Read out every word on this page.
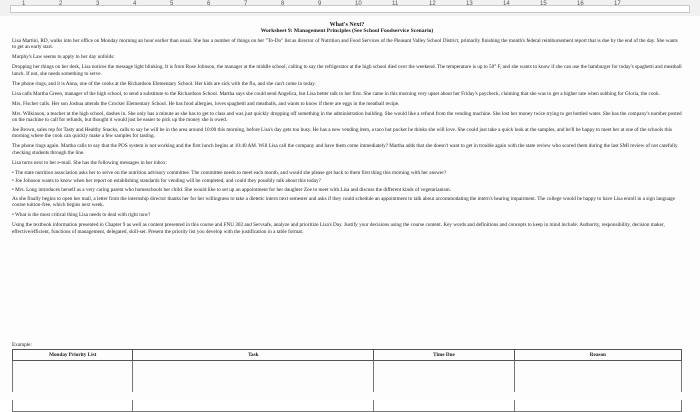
1	2	3	4	5	6	7	8	9	10	11	12	13	14	15	16	17

What's Next?

Worksheet 9: Management Principles (See School Foodservice Scenario)

Lisa Martini, RD, walks into her office on Monday morning an hour earlier than usual. She has a number of things on her "To-Do" list as director of Nutrition and Food Services of the Pleasant Valley School District, primarily finishing the month's federal reimbursement report that is due by the end of the day. She wants to get an early start.

Murphy's Law seems to apply to her day unfolds:

Dropping her things on her desk, Lisa notices the message light blinking. It is from Rose Johnson, the manager at the middle school, calling to say the refrigerator at the high school died over the weekend. The temperature is up to 50° F, and she wants to know if she can use the hamburger for today's spaghetti and meatball lunch. If not, she needs something to serve.

The phone rings, and it is Anna, one of the cooks at the Richardson Elementary School. Her kids are sick with the flu, and she can't come in today.

Lisa calls Martha Green, manager of the high school, to send a substitute to the Richardson School. Martha says she could send Angelica, but Lisa better talk to her first. She came in this morning very upset about her Friday's paycheck, claiming that she was to get a higher rate when subbing for Gloria, the cook.

Mrs. Fischer calls. Her son Joshua attends the Crocker Elementary School. He has food allergies, loves spaghetti and meatballs, and wants to know if there are eggs in the meatball recipe.

Mrs. Wilkinson, a teacher at the high school, dashes in. She only has a minute as she has to get to class and was just quickly dropping off something in the administration building. She would like a refund from the vending machine. She lost her money twice trying to get bottled water. She has the company's number posted on the machine to call for refunds, but thought it would just be easier to pick up the money she is owed.

Joe Brown, sales rep for Tasty and Healthy Snacks, calls to say he will be in the area around 10:00 this morning, before Lisa's day gets too busy. He has a new vending item, a taco hot pocket he thinks she will love. She could just take a quick look at the samples, and he'll be happy to meet her at one of the schools this morning where the cook can quickly make a few samples for tasting.

The phone rings again. Martha calls to say that the POS system is not working and the first lunch begins at 10:40 AM. Will Lisa call the company and have them come immediately? Martha adds that she doesn't want to get in trouble again with the state review who scored them during the last SMI review of not carefully checking students through the line.

Lisa turns next to her e-mail. She has the following messages in her inbox:

• The state nutrition association asks her to serve on the nutrition advisory committee. The committee needs to meet each month, and would she please get back to them first thing this morning with her answer?
• Joe Johnson wants to know when her report on establishing standards for vending will be completed, and could they possibly talk about this today?
• Mrs. Long introduces herself as a very caring parent who homeschools her child. She would like to set up an appointment for her daughter Zoe to meet with Lisa and discuss the different kinds of vegetarianism.

As she finally begins to open her mail, a letter from the internship director thanks her for her willingness to take a dietetic intern next semester and asks if they could schedule an appointment to talk about accommodating the intern's hearing impairment. The college would be happy to have Lisa enroll in a sign language course tuition-free, which begins next week.

• What is the most critical thing Lisa needs to deal with right now?

Using the textbook information presented in Chapter 9 as well as content presented in this course and FNU 302 and Servsafe, analyze and prioritize Lisa's Day. Justify your decisions using the course content. Key words and definitions and concepts to keep in mind include: Authority, responsibility, decision maker, effective/efficient, functions of management, delegated, skill-set. Present the priority list you develop with the justification in a table format.

Example:

Monday Priority List	Task	Time Due	Reason
